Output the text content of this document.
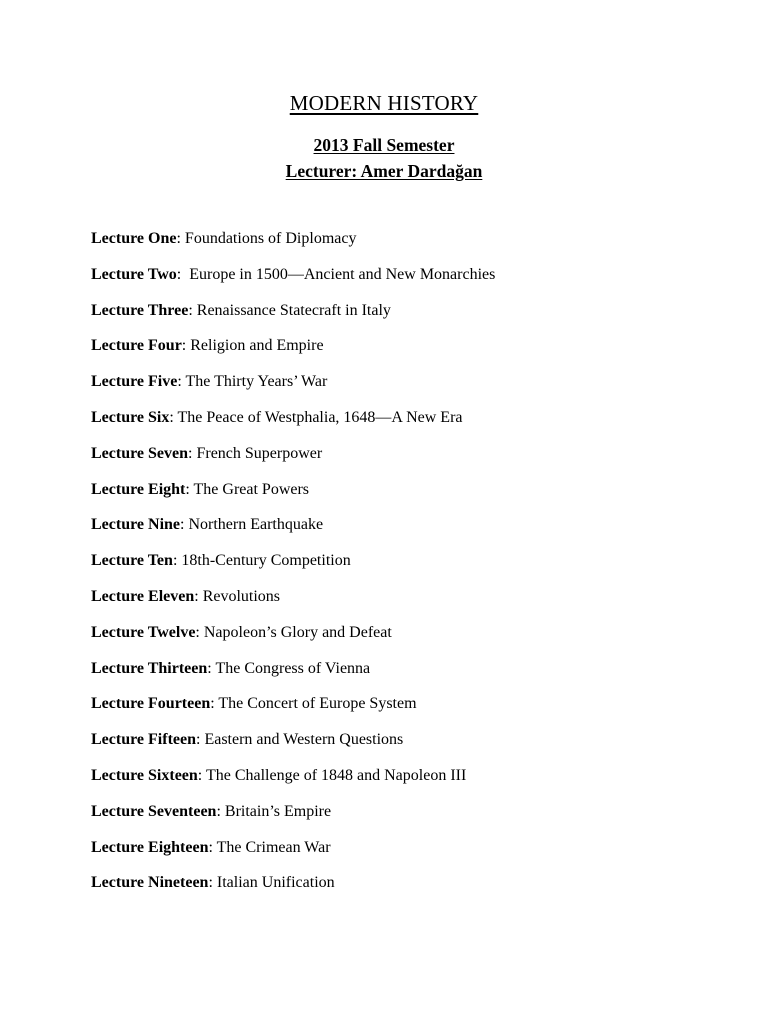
MODERN HISTORY

2013 Fall Semester

Lecturer: Amer Dardağan

Lecture One: Foundations of Diplomacy
Lecture Two:  Europe in 1500—Ancient and New Monarchies
Lecture Three: Renaissance Statecraft in Italy
Lecture Four: Religion and Empire
Lecture Five: The Thirty Years’ War
Lecture Six: The Peace of Westphalia, 1648—A New Era
Lecture Seven: French Superpower
Lecture Eight: The Great Powers
Lecture Nine: Northern Earthquake
Lecture Ten: 18th-Century Competition
Lecture Eleven: Revolutions
Lecture Twelve: Napoleon’s Glory and Defeat
Lecture Thirteen: The Congress of Vienna
Lecture Fourteen: The Concert of Europe System
Lecture Fifteen: Eastern and Western Questions
Lecture Sixteen: The Challenge of 1848 and Napoleon III
Lecture Seventeen: Britain’s Empire
Lecture Eighteen: The Crimean War
Lecture Nineteen: Italian Unification
